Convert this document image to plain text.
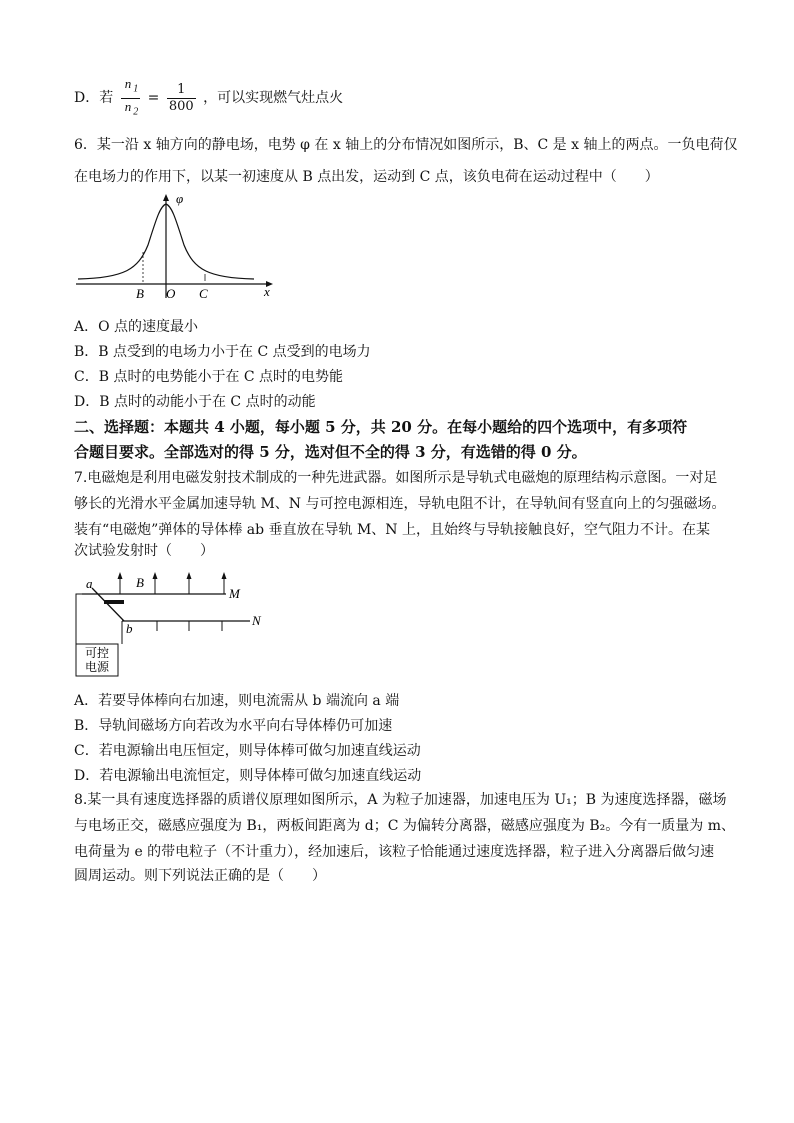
D．若 $\frac{n _1}{n _2} = \frac{1}{800}$ ，可以实现燃气灶点火
6．某一沿 x 轴方向的静电场，电势 φ 在 x 轴上的分布情况如图所示，B、C 是 x 轴上的两点。一负电荷仅
在电场力的作用下，以某一初速度从 B 点出发，运动到 C 点，该负电荷在运动过程中（　　）
φ
x
B O C
A．O 点的速度最小
B．B 点受到的电场力小于在 C 点受到的电场力
C．B 点时的电势能小于在 C 点时的电势能
D．B 点时的动能小于在 C 点时的动能
二、选择题：本题共 4 小题，每小题 5 分，共 20 分。在每小题给的四个选项中，有多项符
合题目要求。全部选对的得 5 分，选对但不全的得 3 分，有选错的得 0 分。
7.电磁炮是利用电磁发射技术制成的一种先进武器。如图所示是导轨式电磁炮的原理结构示意图。一对足
够长的光滑水平金属加速导轨 M、N 与可控电源相连，导轨电阻不计，在导轨间有竖直向上的匀强磁场。
装有“电磁炮”弹体的导体棒 ab 垂直放在导轨 M、N 上，且始终与导轨接触良好，空气阻力不计。在某
次试验发射时（　　）
可控
电源
a	B
b
M
N
A．若要导体棒向右加速，则电流需从 b 端流向 a 端
B．导轨间磁场方向若改为水平向右导体棒仍可加速
C．若电源输出电压恒定，则导体棒可做匀加速直线运动
D．若电源输出电流恒定，则导体棒可做匀加速直线运动
8.某一具有速度选择器的质谱仪原理如图所示，A 为粒子加速器，加速电压为 U₁；B 为速度选择器，磁场
与电场正交，磁感应强度为 B₁，两板间距离为 d；C 为偏转分离器，磁感应强度为 B₂。今有一质量为 m、
电荷量为 e 的带电粒子（不计重力），经加速后，该粒子恰能通过速度选择器，粒子进入分离器后做匀速
圆周运动。则下列说法正确的是（　　）
